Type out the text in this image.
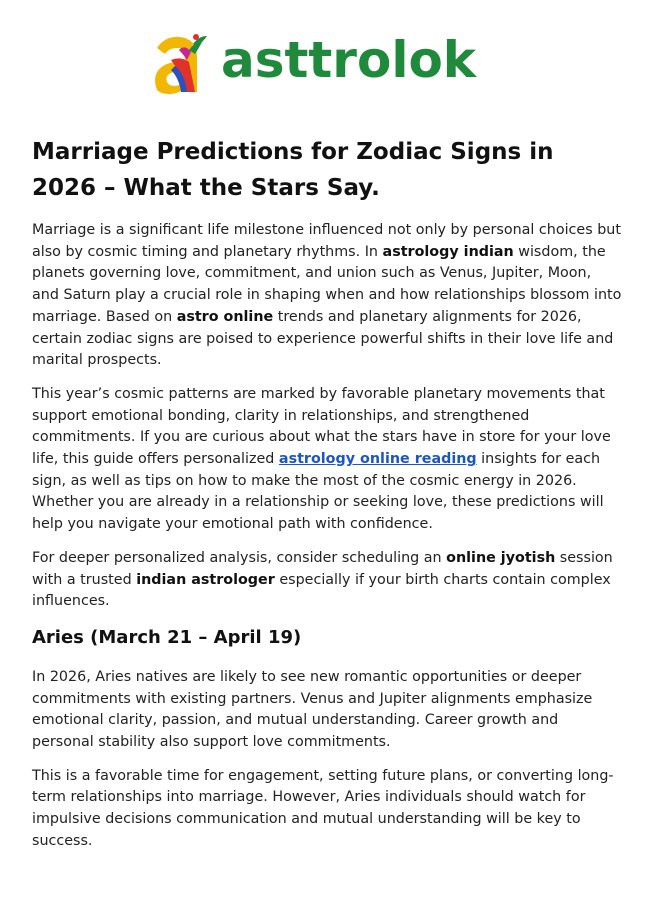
asttrolok
Marriage Predictions for Zodiac Signs in 2026 – What the Stars Say.

Marriage is a significant life milestone influenced not only by personal choices but also by cosmic timing and planetary rhythms. In astrology indian wisdom, the planets governing love, commitment, and union such as Venus, Jupiter, Moon, and Saturn play a crucial role in shaping when and how relationships blossom into marriage. Based on astro online trends and planetary alignments for 2026, certain zodiac signs are poised to experience powerful shifts in their love life and marital prospects.

This year’s cosmic patterns are marked by favorable planetary movements that support emotional bonding, clarity in relationships, and strengthened commitments. If you are curious about what the stars have in store for your love life, this guide offers personalized astrology online reading insights for each sign, as well as tips on how to make the most of the cosmic energy in 2026. Whether you are already in a relationship or seeking love, these predictions will help you navigate your emotional path with confidence.

For deeper personalized analysis, consider scheduling an online jyotish session with a trusted indian astrologer especially if your birth charts contain complex influences.

Aries (March 21 – April 19)

In 2026, Aries natives are likely to see new romantic opportunities or deeper commitments with existing partners. Venus and Jupiter alignments emphasize emotional clarity, passion, and mutual understanding. Career growth and personal stability also support love commitments.

This is a favorable time for engagement, setting future plans, or converting long-term relationships into marriage. However, Aries individuals should watch for impulsive decisions communication and mutual understanding will be key to success.
